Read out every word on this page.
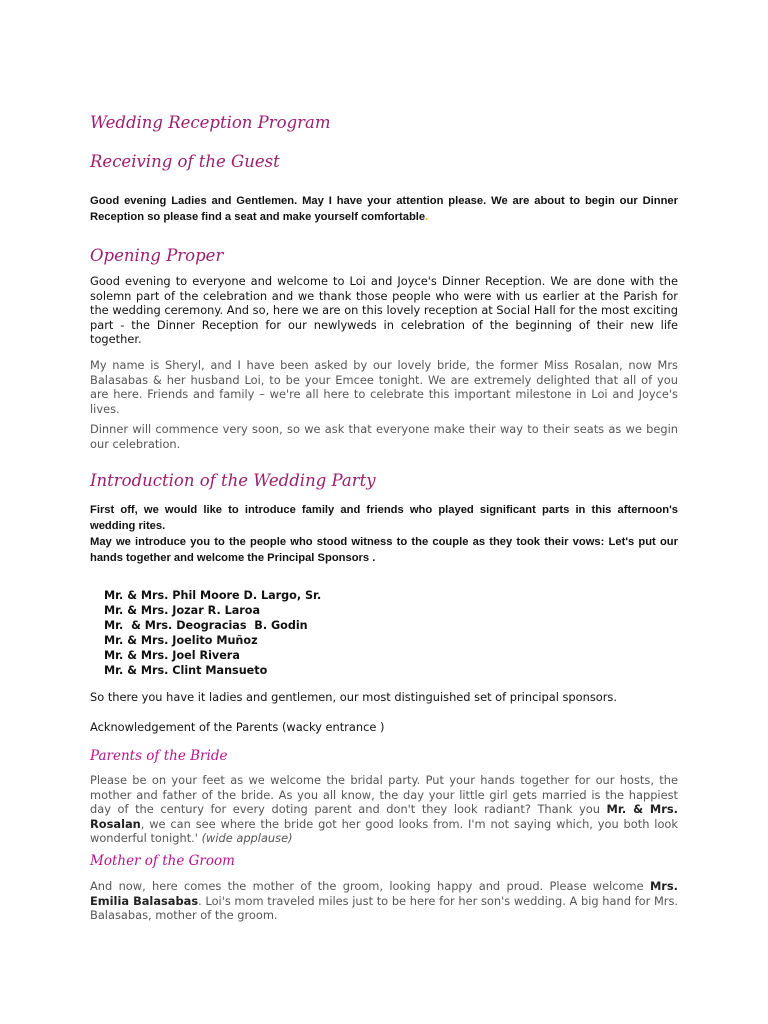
Wedding Reception Program
Receiving of the Guest

Good evening Ladies and Gentlemen. May I have your attention please. We are about to begin our Dinner Reception so please find a seat and make yourself comfortable.

Opening Proper

Good evening to everyone and welcome to Loi and Joyce's Dinner Reception. We are done with the solemn part of the celebration and we thank those people who were with us earlier at the Parish for the wedding ceremony. And so, here we are on this lovely reception at Social Hall for the most exciting part - the Dinner Reception for our newlyweds in celebration of the beginning of their new life together.

My name is Sheryl, and I have been asked by our lovely bride, the former Miss Rosalan, now Mrs Balasabas & her husband Loi, to be your Emcee tonight. We are extremely delighted that all of you are here. Friends and family – we're all here to celebrate this important milestone in Loi and Joyce's lives.

Dinner will commence very soon, so we ask that everyone make their way to their seats as we begin our celebration.

Introduction of the Wedding Party

First off, we would like to introduce family and friends who played significant parts in this afternoon's wedding rites.

May we introduce you to the people who stood witness to the couple as they took their vows: Let's put our hands together and welcome the Principal Sponsors .

Mr. & Mrs. Phil Moore D. Largo, Sr.
Mr. & Mrs. Jozar R. Laroa
Mr.  & Mrs. Deogracias  B. Godin
Mr. & Mrs. Joelito Muñoz
Mr. & Mrs. Joel Rivera
Mr. & Mrs. Clint Mansueto

So there you have it ladies and gentlemen, our most distinguished set of principal sponsors.

Acknowledgement of the Parents (wacky entrance )

Parents of the Bride

Please be on your feet as we welcome the bridal party. Put your hands together for our hosts, the mother and father of the bride. As you all know, the day your little girl gets married is the happiest day of the century for every doting parent and don't they look radiant? Thank you Mr. & Mrs. Rosalan, we can see where the bride got her good looks from. I'm not saying which, you both look wonderful tonight.' (wide applause)

Mother of the Groom

And now, here comes the mother of the groom, looking happy and proud. Please welcome Mrs. Emilia Balasabas. Loi's mom traveled miles just to be here for her son's wedding. A big hand for Mrs. Balasabas, mother of the groom.
